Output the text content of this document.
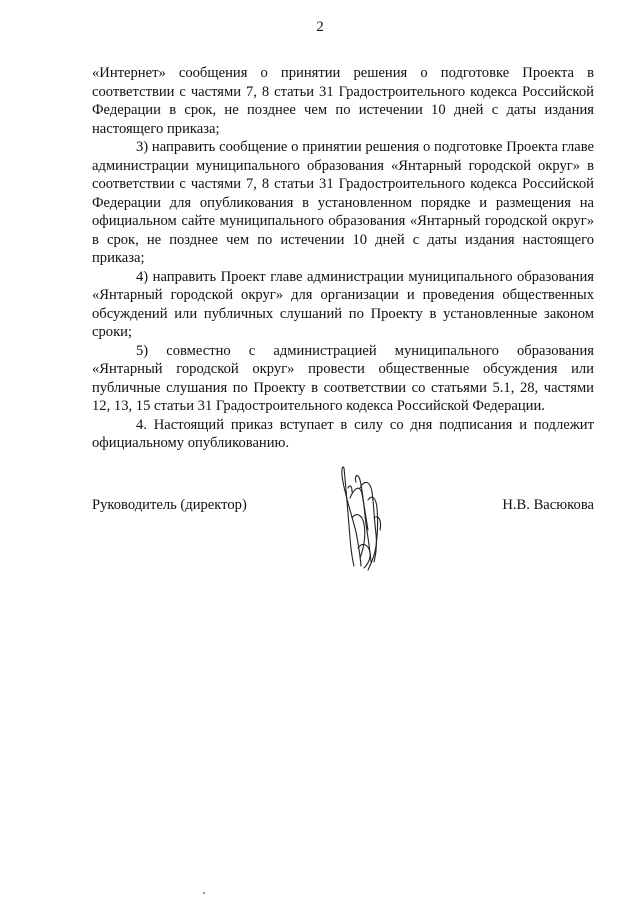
2

«Интернет» сообщения о принятии решения о подготовке Проекта в соответствии с частями 7, 8 статьи 31 Градостроительного кодекса Российской Федерации в срок, не позднее чем по истечении 10 дней с даты издания настоящего приказа;

3) направить сообщение о принятии решения о подготовке Проекта главе администрации муниципального образования «Янтарный городской округ» в соответствии с частями 7, 8 статьи 31 Градостроительного кодекса Российской Федерации для опубликования в установленном порядке и размещения на официальном сайте муниципального образования «Янтарный городской округ» в срок, не позднее чем по истечении 10 дней с даты издания настоящего приказа;

4) направить Проект главе администрации муниципального образования «Янтарный городской округ» для организации и проведения общественных обсуждений или публичных слушаний по Проекту в установленные законом сроки;

5) совместно с администрацией муниципального образования «Янтарный городской округ» провести общественные обсуждения или публичные слушания по Проекту в соответствии со статьями 5.1, 28, частями 12, 13, 15 статьи 31 Градостроительного кодекса Российской Федерации.

4. Настоящий приказ вступает в силу со дня подписания и подлежит официальному опубликованию.

Руководитель (директор)	Н.В. Васюкова
